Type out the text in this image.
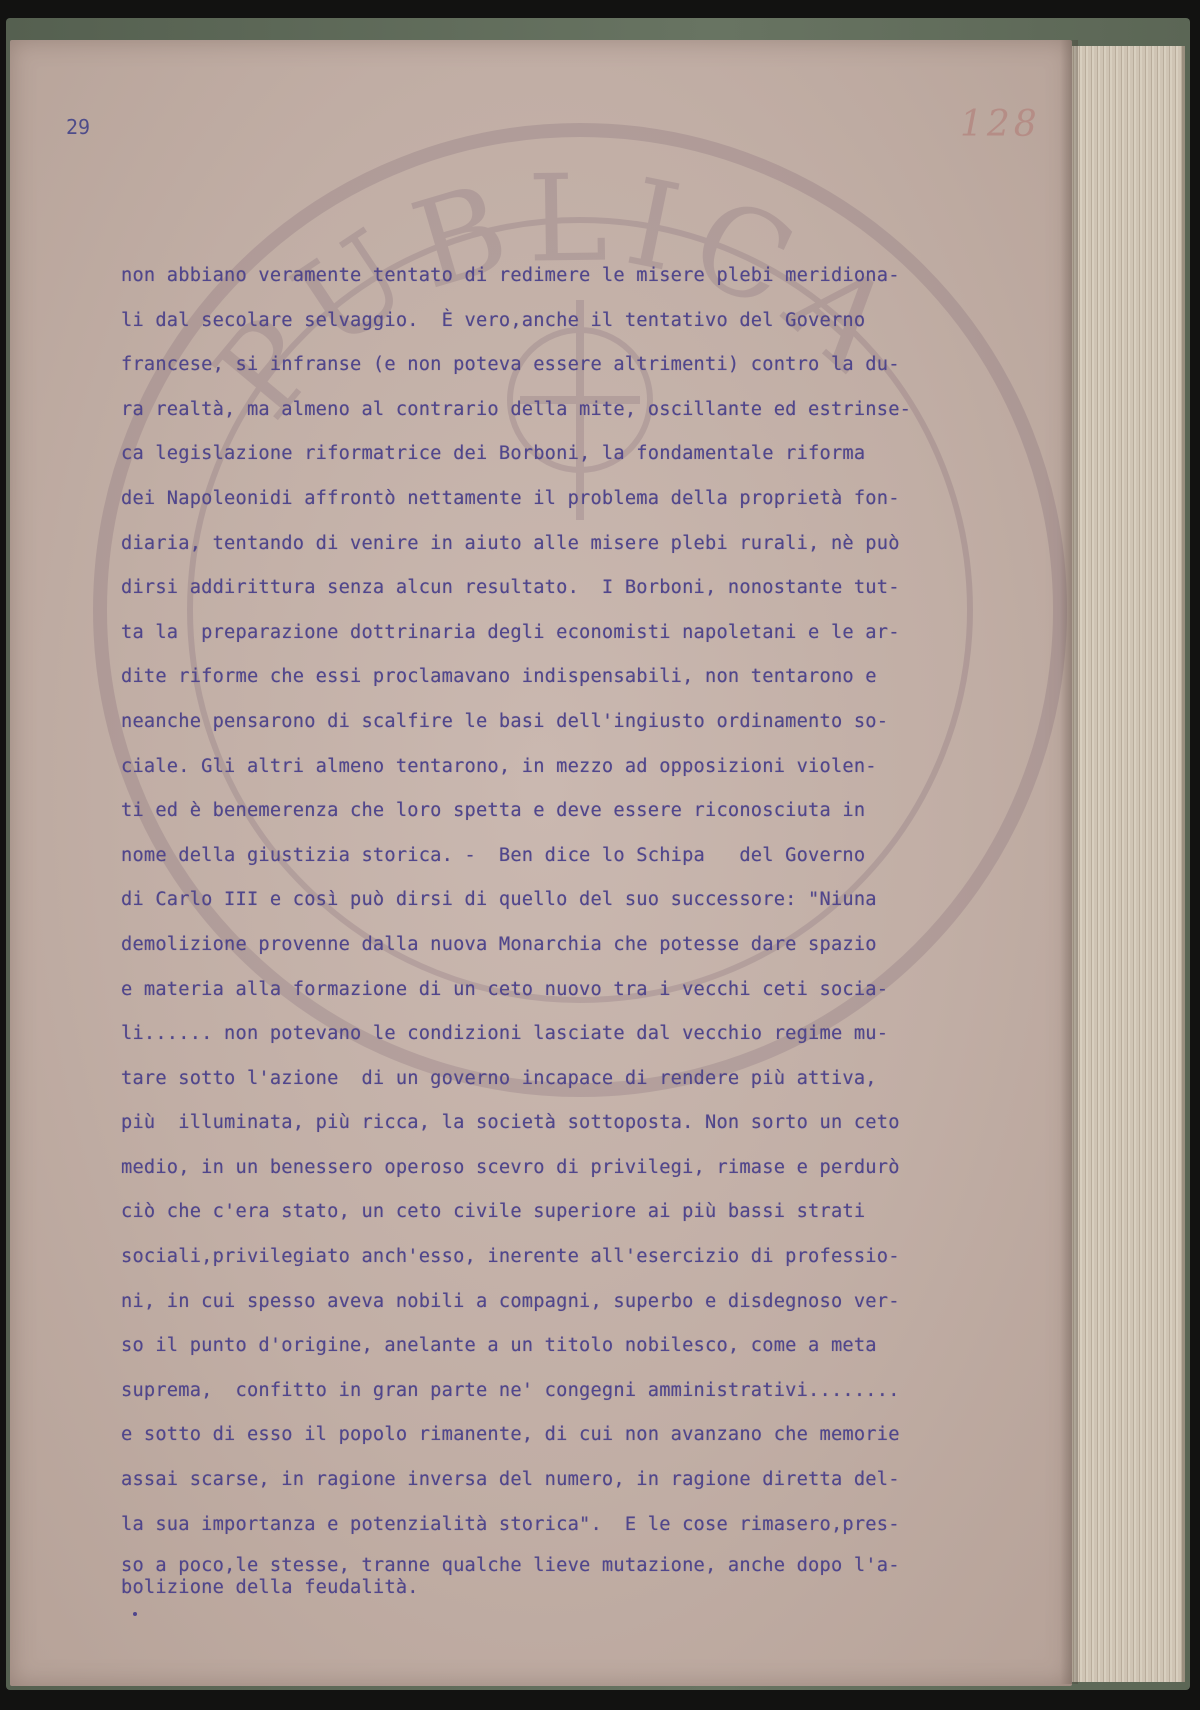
PUBLICA

29	128

non abbiano veramente tentato di redimere le misere plebi meridiona-
li dal secolare selvaggio.  È vero,anche il tentativo del Governo
francese, si infranse (e non poteva essere altrimenti) contro la du-
ra realtà, ma almeno al contrario della mite, oscillante ed estrinse-
ca legislazione riformatrice dei Borboni, la fondamentale riforma
dei Napoleonidi affrontò nettamente il problema della proprietà fon-
diaria, tentando di venire in aiuto alle misere plebi rurali, nè può
dirsi addirittura senza alcun resultato.  I Borboni, nonostante tut-
ta la  preparazione dottrinaria degli economisti napoletani e le ar-
dite riforme che essi proclamavano indispensabili, non tentarono e
neanche pensarono di scalfire le basi dell'ingiusto ordinamento so-
ciale. Gli altri almeno tentarono, in mezzo ad opposizioni violen-
ti ed è benemerenza che loro spetta e deve essere riconosciuta in
nome della giustizia storica. -  Ben dice lo Schipa   del Governo
di Carlo III e così può dirsi di quello del suo successore: "Niuna
demolizione provenne dalla nuova Monarchia che potesse dare spazio
e materia alla formazione di un ceto nuovo tra i vecchi ceti socia-
li...... non potevano le condizioni lasciate dal vecchio regime mu-
tare sotto l'azione  di un governo incapace di rendere più attiva,
più  illuminata, più ricca, la società sottoposta. Non sorto un ceto
medio, in un benessero operoso scevro di privilegi, rimase e perdurò
ciò che c'era stato, un ceto civile superiore ai più bassi strati
sociali,privilegiato anch'esso, inerente all'esercizio di professio-
ni, in cui spesso aveva nobili a compagni, superbo e disdegnoso ver-
so il punto d'origine, anelante a un titolo nobilesco, come a meta
suprema,  confitto in gran parte ne' congegni amministrativi........
e sotto di esso il popolo rimanente, di cui non avanzano che memorie
assai scarse, in ragione inversa del numero, in ragione diretta del-
la sua importanza e potenzialità storica".  E le cose rimasero,pres-
so a poco,le stesse, tranne qualche lieve mutazione, anche dopo l'a-
bolizione della feudalità.
